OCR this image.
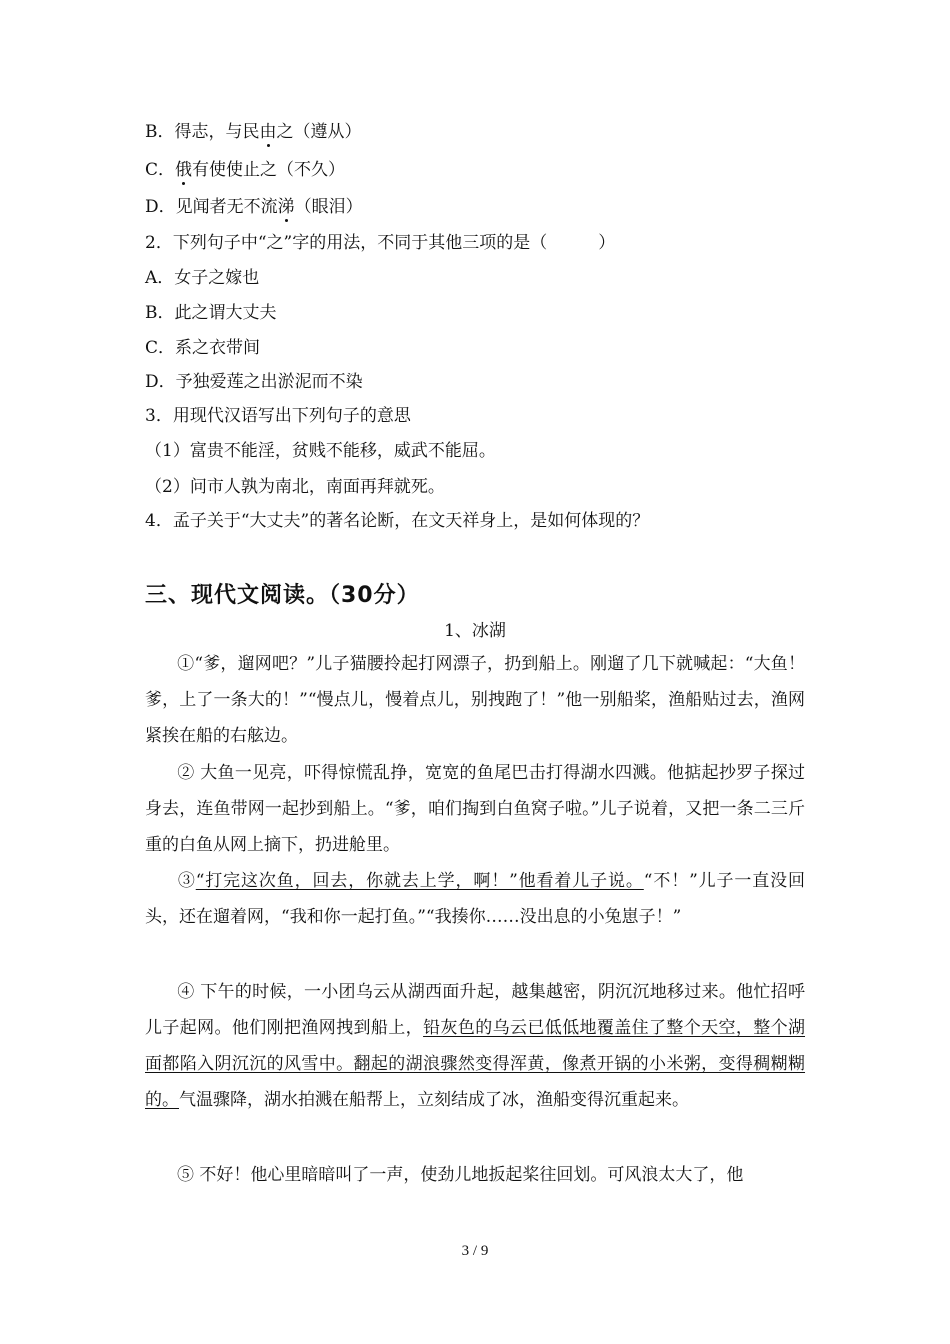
B．得志，与民由之（遵从）
C．俄有使使止之（不久）
D．见闻者无不流涕（眼泪）
2．下列句子中“之”字的用法，不同于其他三项的是（　　　）
A．女子之嫁也
B．此之谓大丈夫
C．系之衣带间
D．予独爱莲之出淤泥而不染
3．用现代汉语写出下列句子的意思
（1）富贵不能淫，贫贱不能移，威武不能屈。
（2）问市人孰为南北，南面再拜就死。
4．孟子关于“大丈夫”的著名论断，在文天祥身上，是如何体现的？
三、现代文阅读。（30分）
1、冰湖
①“爹，遛网吧？”儿子猫腰拎起打网漂子，扔到船上。刚遛了几下就喊起：“大鱼！爹，上了一条大的！”“慢点儿，慢着点儿，别拽跑了！”他一别船桨，渔船贴过去，渔网紧挨在船的右舷边。
② 大鱼一见亮，吓得惊慌乱挣，宽宽的鱼尾巴击打得湖水四溅。他掂起抄罗子探过身去，连鱼带网一起抄到船上。“爹，咱们掏到白鱼窝子啦。”儿子说着，又把一条二三斤重的白鱼从网上摘下，扔进舱里。
③“打完这次鱼，回去，你就去上学，啊！”他看着儿子说。“不！”儿子一直没回头，还在遛着网，“我和你一起打鱼。”“我揍你……没出息的小兔崽子！”
④ 下午的时候，一小团乌云从湖西面升起，越集越密，阴沉沉地移过来。他忙招呼儿子起网。他们刚把渔网拽到船上，铅灰色的乌云已低低地覆盖住了整个天空，整个湖面都陷入阴沉沉的风雪中。翻起的湖浪骤然变得浑黄，像煮开锅的小米粥，变得稠糊糊的。气温骤降，湖水拍溅在船帮上，立刻结成了冰，渔船变得沉重起来。
⑤ 不好！他心里暗暗叫了一声，使劲儿地扳起桨往回划。可风浪太大了，他
3 / 9
